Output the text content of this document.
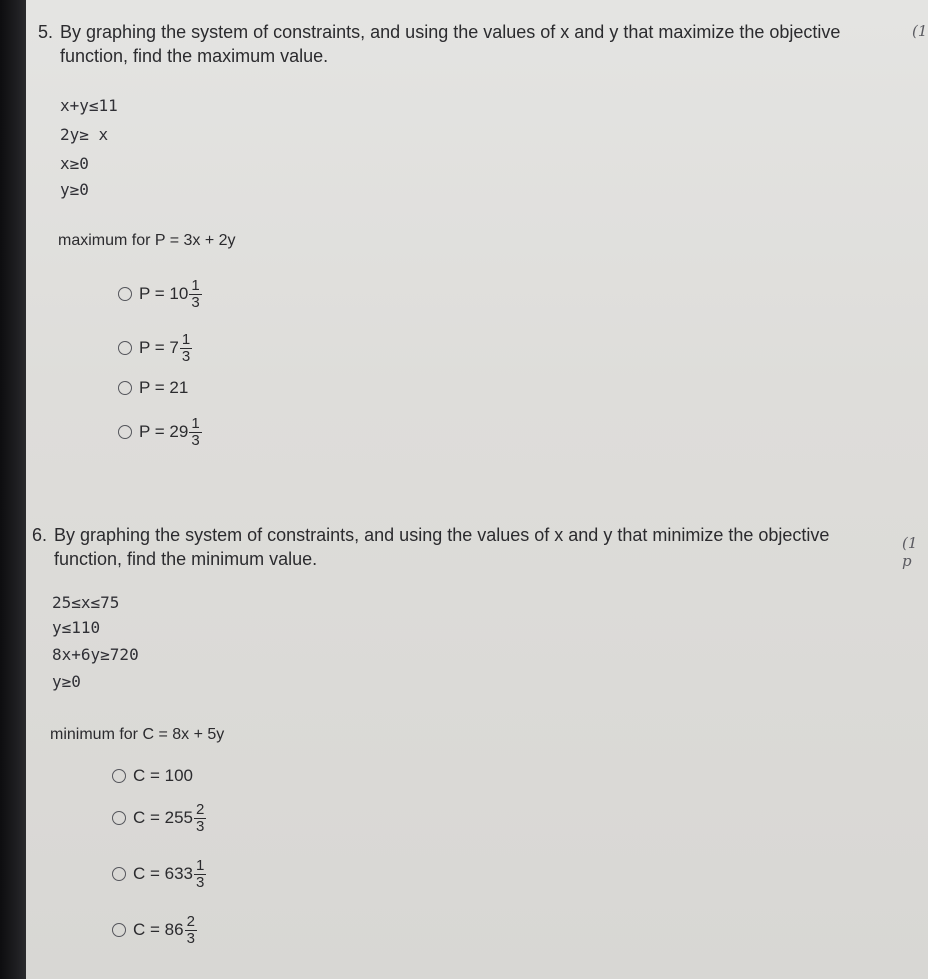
5. By graphing the system of constraints, and using the values of x and y that maximize the objective
function, find the maximum value.
(1
x+y≤11
2y≥ x
x≥0
y≥0
maximum for P = 3x + 2y
$P = 10 \frac{1}{3}$
$P = 7 \frac{1}{3}$
P = 21
$P = 29 \frac{1}{3}$
6. By graphing the system of constraints, and using the values of x and y that minimize the objective
function, find the minimum value.
(1 p
25≤x≤75
y≤110
8x+6y≥720
y≥0
minimum for C = 8x + 5y
C = 100
$C = 255 \frac{2}{3}$
$C = 633 \frac{1}{3}$
$C = 86 \frac{2}{3}$
